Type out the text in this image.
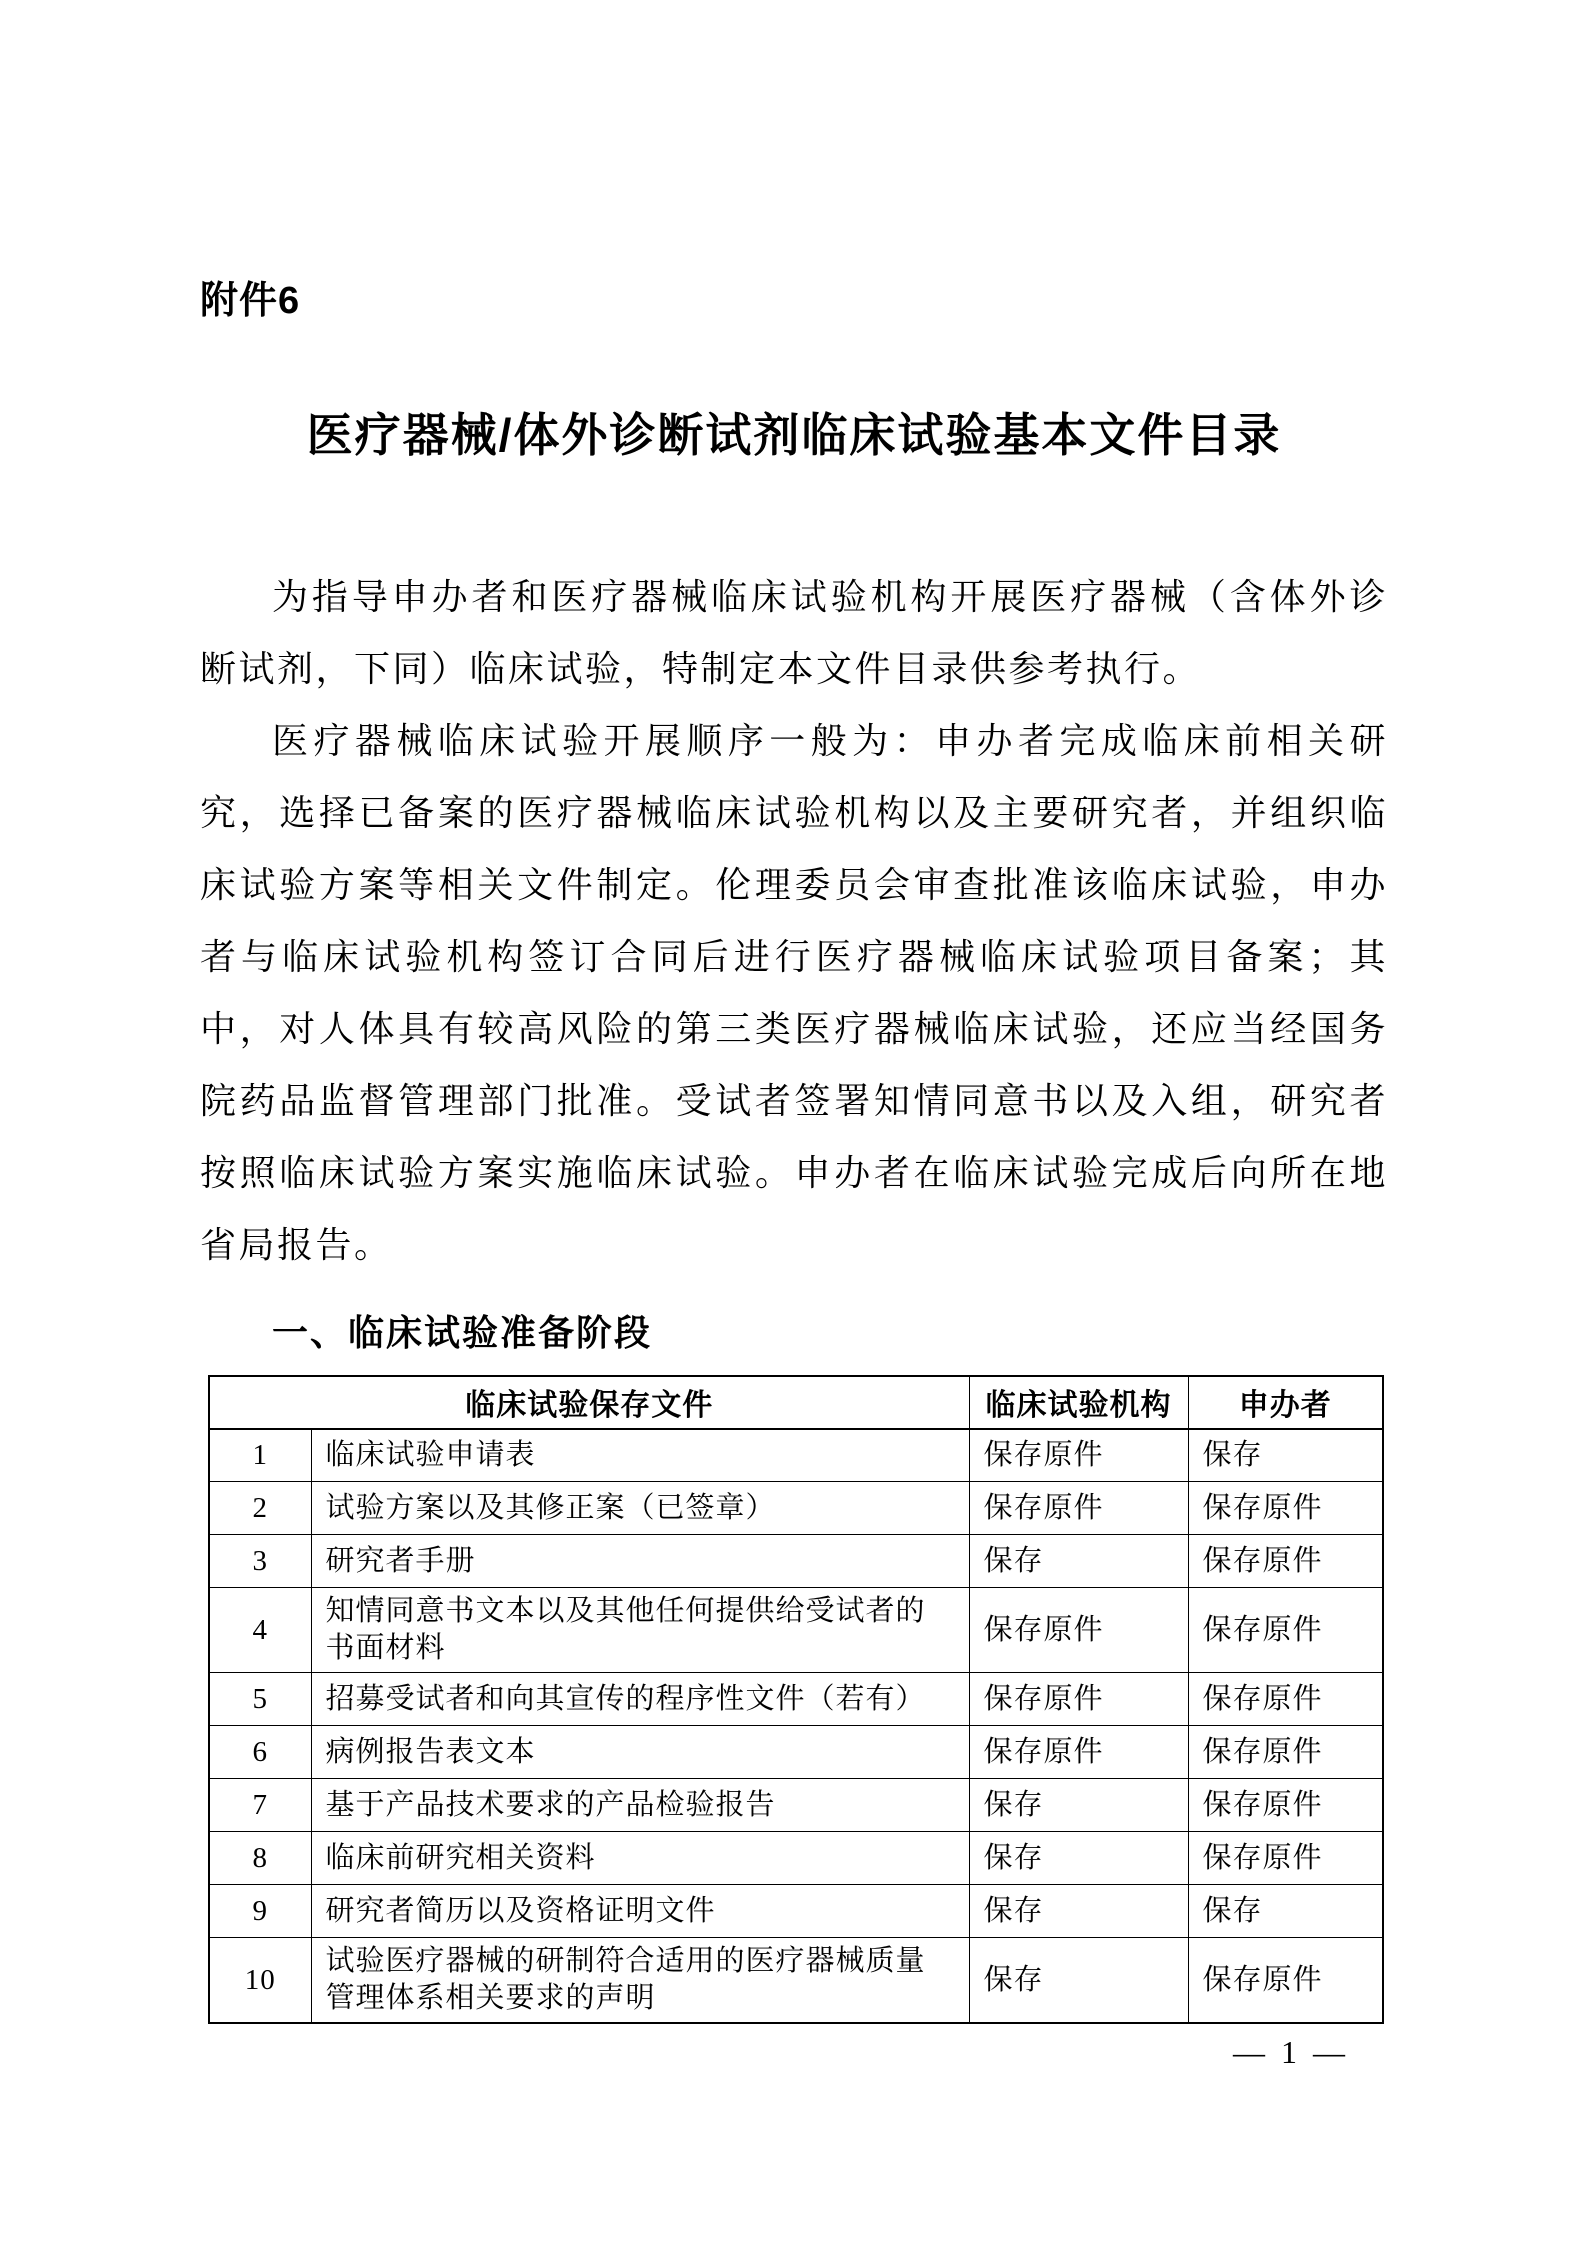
附件6
医疗器械/体外诊断试剂临床试验基本文件目录

为指导申办者和医疗器械临床试验机构开展医疗器械（含体外诊断试剂，下同）临床试验，特制定本文件目录供参考执行。

医疗器械临床试验开展顺序一般为：申办者完成临床前相关研究，选择已备案的医疗器械临床试验机构以及主要研究者，并组织临床试验方案等相关文件制定。伦理委员会审查批准该临床试验，申办者与临床试验机构签订合同后进行医疗器械临床试验项目备案；其中，对人体具有较高风险的第三类医疗器械临床试验，还应当经国务院药品监督管理部门批准。受试者签署知情同意书以及入组，研究者按照临床试验方案实施临床试验。申办者在临床试验完成后向所在地省局报告。

一、临床试验准备阶段
临床试验保存文件		临床试验机构	申办者
1	临床试验申请表	保存原件	保存
2	试验方案以及其修正案（已签章）	保存原件	保存原件
3	研究者手册	保存	保存原件
4	知情同意书文本以及其他任何提供给受试者的书面材料	保存原件	保存原件
5	招募受试者和向其宣传的程序性文件（若有）	保存原件	保存原件
6	病例报告表文本	保存原件	保存原件
7	基于产品技术要求的产品检验报告	保存	保存原件
8	临床前研究相关资料	保存	保存原件
9	研究者简历以及资格证明文件	保存	保存
10	试验医疗器械的研制符合适用的医疗器械质量管理体系相关要求的声明	保存	保存原件
— 1 —
